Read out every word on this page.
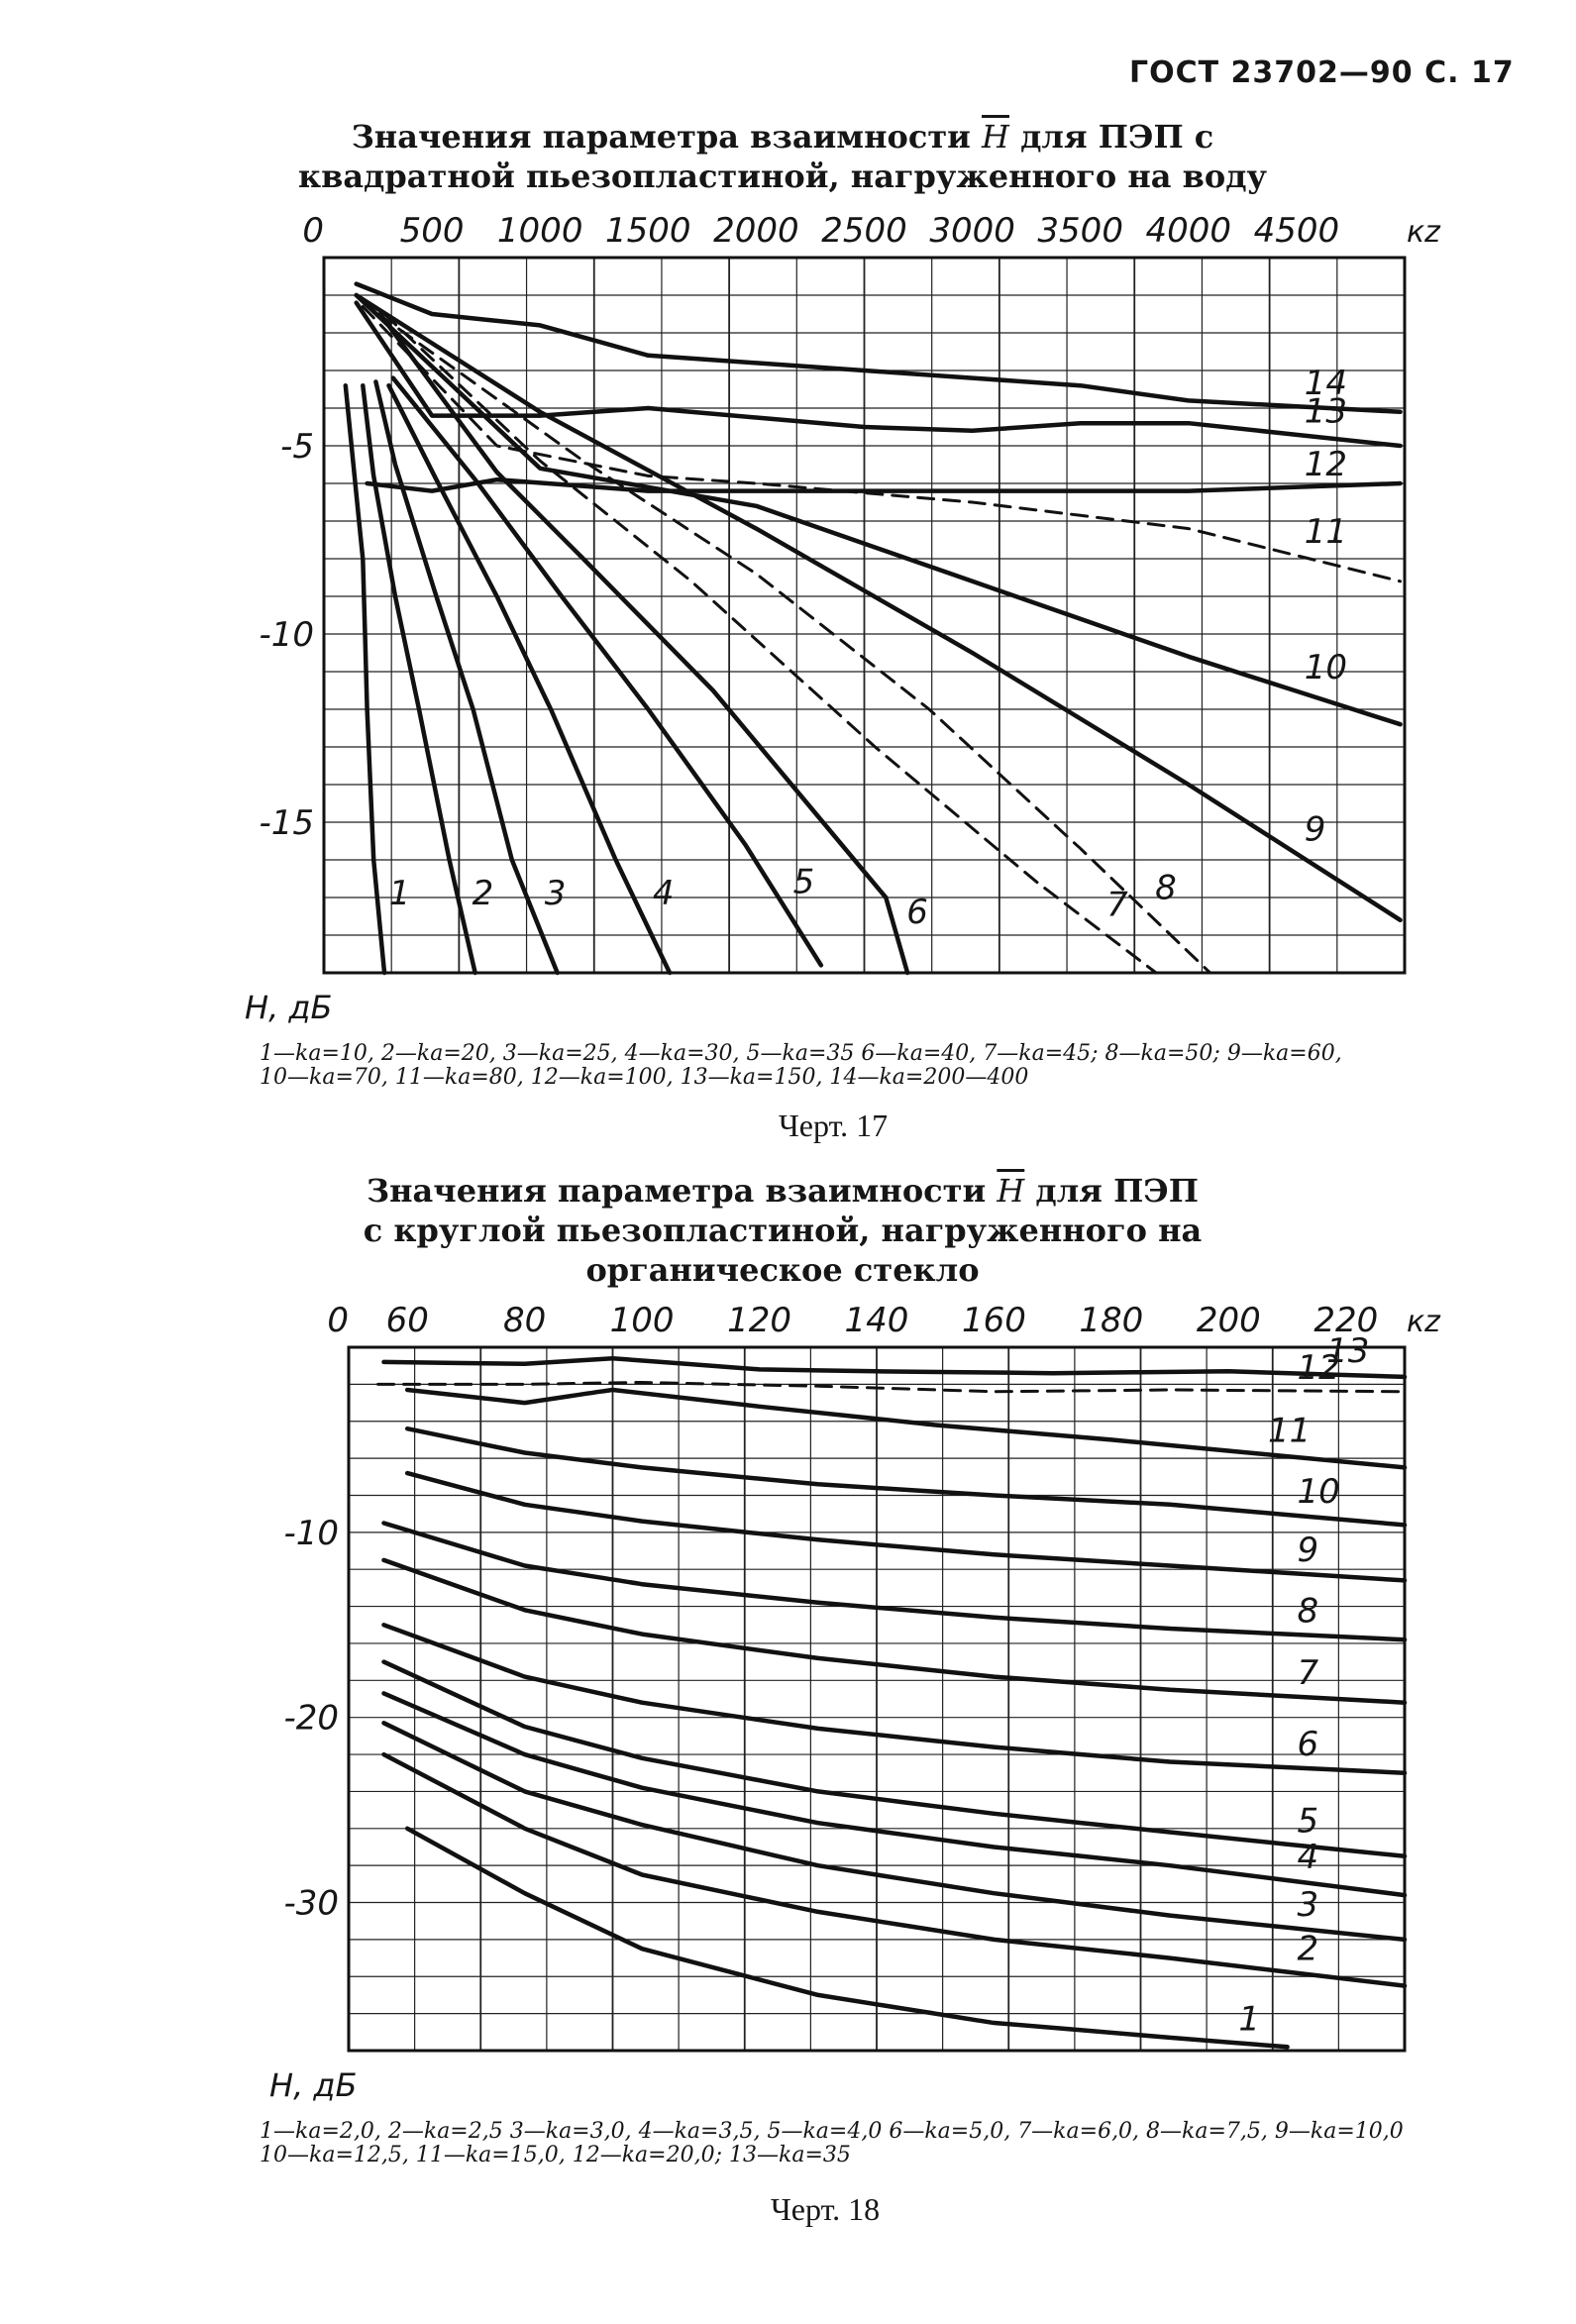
ГОСТ 23702—90 С. 17
Значения параметра взаимности $\overline{H}$ для ПЭП с
квадратной пьезопластиной, нагруженного на воду
0 500 1000 1500 2000 2500 3000 3500 4000 4500 кz
-5
-10
-15
H, дБ
1 2 3	4	5
6	7 8
9
10
11
12
13
14
1—ka=10, 2—ka=20, 3—ka=25, 4—ka=30, 5—ka=35 6—ka=40, 7—ka=45; 8—ka=50; 9—ka=60, 10—ka=70, 11—ka=80, 12—ka=100, 13—ka=150, 14—ka=200—400
Черт. 17
Значения параметра взаимности $\overline{H}$ для ПЭП
с круглой пьезопластиной, нагруженного на
органическое стекло
0 60 80 100 120 140 160 180 200 220 кz
-10
-20
-30
H, дБ
1
2
3
4
5
6
7
8
9
10
11
12
13
1—ka=2,0, 2—ka=2,5 3—ka=3,0, 4—ka=3,5, 5—ka=4,0 6—ka=5,0, 7—ka=6,0, 8—ka=7,5, 9—ka=10,0 10—ka=12,5, 11—ka=15,0, 12—ka=20,0; 13—ka=35
Черт. 18
